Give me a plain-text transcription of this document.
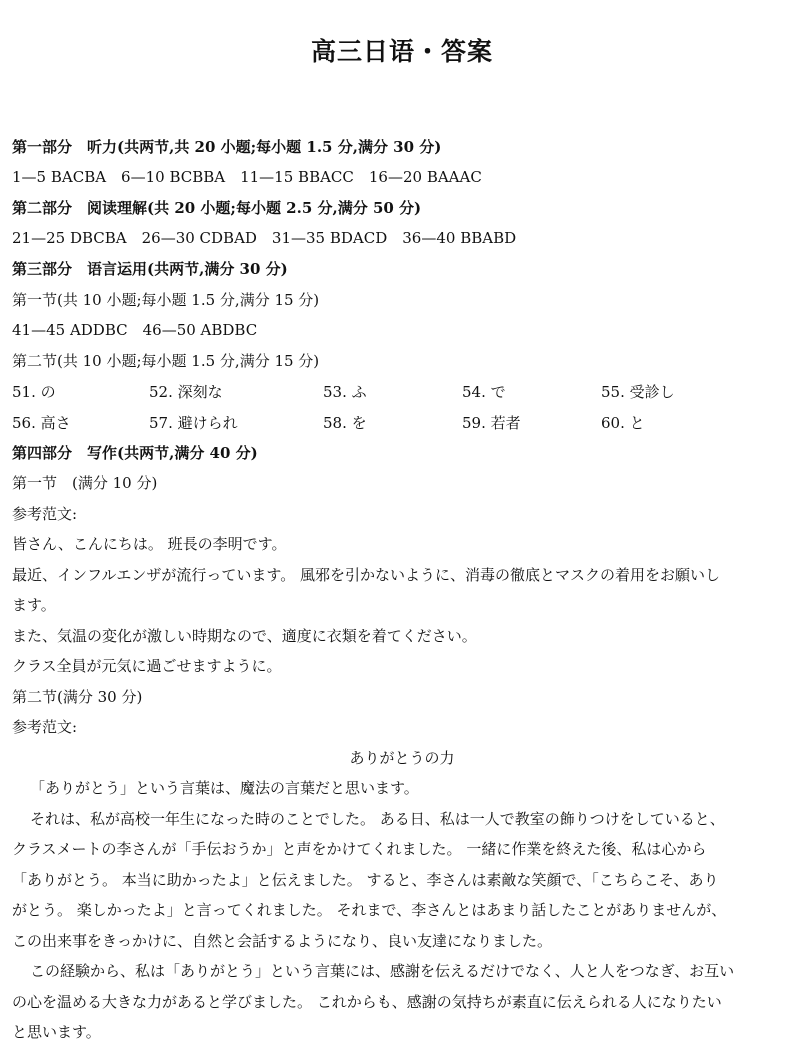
高三日语・答案
第一部分　听力(共两节,共 20 小题;每小题 1.5 分,满分 30 分)
1—5 BACBA　6—10 BCBBA　11—15 BBACC　16—20 BAAAC
第二部分　阅读理解(共 20 小题;每小题 2.5 分,满分 50 分)
21—25 DBCBA　26—30 CDBAD　31—35 BDACD　36—40 BBABD
第三部分　语言运用(共两节,满分 30 分)
第一节(共 10 小题;每小题 1.5 分,满分 15 分)
41—45 ADDBC　46—50 ABDBC
第二节(共 10 小题;每小题 1.5 分,满分 15 分)
51. の	52. 深刻な	53. ふ	54. で	55. 受診し
56. 高さ	57. 避けられ	58. を	59. 若者	60. と
第四部分　写作(共两节,满分 40 分)
第一节　(满分 10 分)
参考范文:
皆さん、こんにちは。 班長の李明です。
最近、インフルエンザが流行っています。 風邪を引かないように、消毒の徹底とマスクの着用をお願いし
ます。
また、気温の変化が激しい時期なので、適度に衣類を着てください。
クラス全員が元気に過ごせますように。
第二节(满分 30 分)
参考范文:
ありがとうの力
「ありがとう」という言葉は、魔法の言葉だと思います。
それは、私が高校一年生になった時のことでした。 ある日、私は一人で教室の飾りつけをしていると、
クラスメートの李さんが「手伝おうか」と声をかけてくれました。 一緒に作業を終えた後、私は心から
「ありがとう。 本当に助かったよ」と伝えました。 すると、李さんは素敵な笑顔で、「こちらこそ、あり
がとう。 楽しかったよ」と言ってくれました。 それまで、李さんとはあまり話したことがありませんが、
この出来事をきっかけに、自然と会話するようになり、良い友達になりました。
この経験から、私は「ありがとう」という言葉には、感謝を伝えるだけでなく、人と人をつなぎ、お互い
の心を温める大きな力があると学びました。 これからも、感謝の気持ちが素直に伝えられる人になりたい
と思います。
